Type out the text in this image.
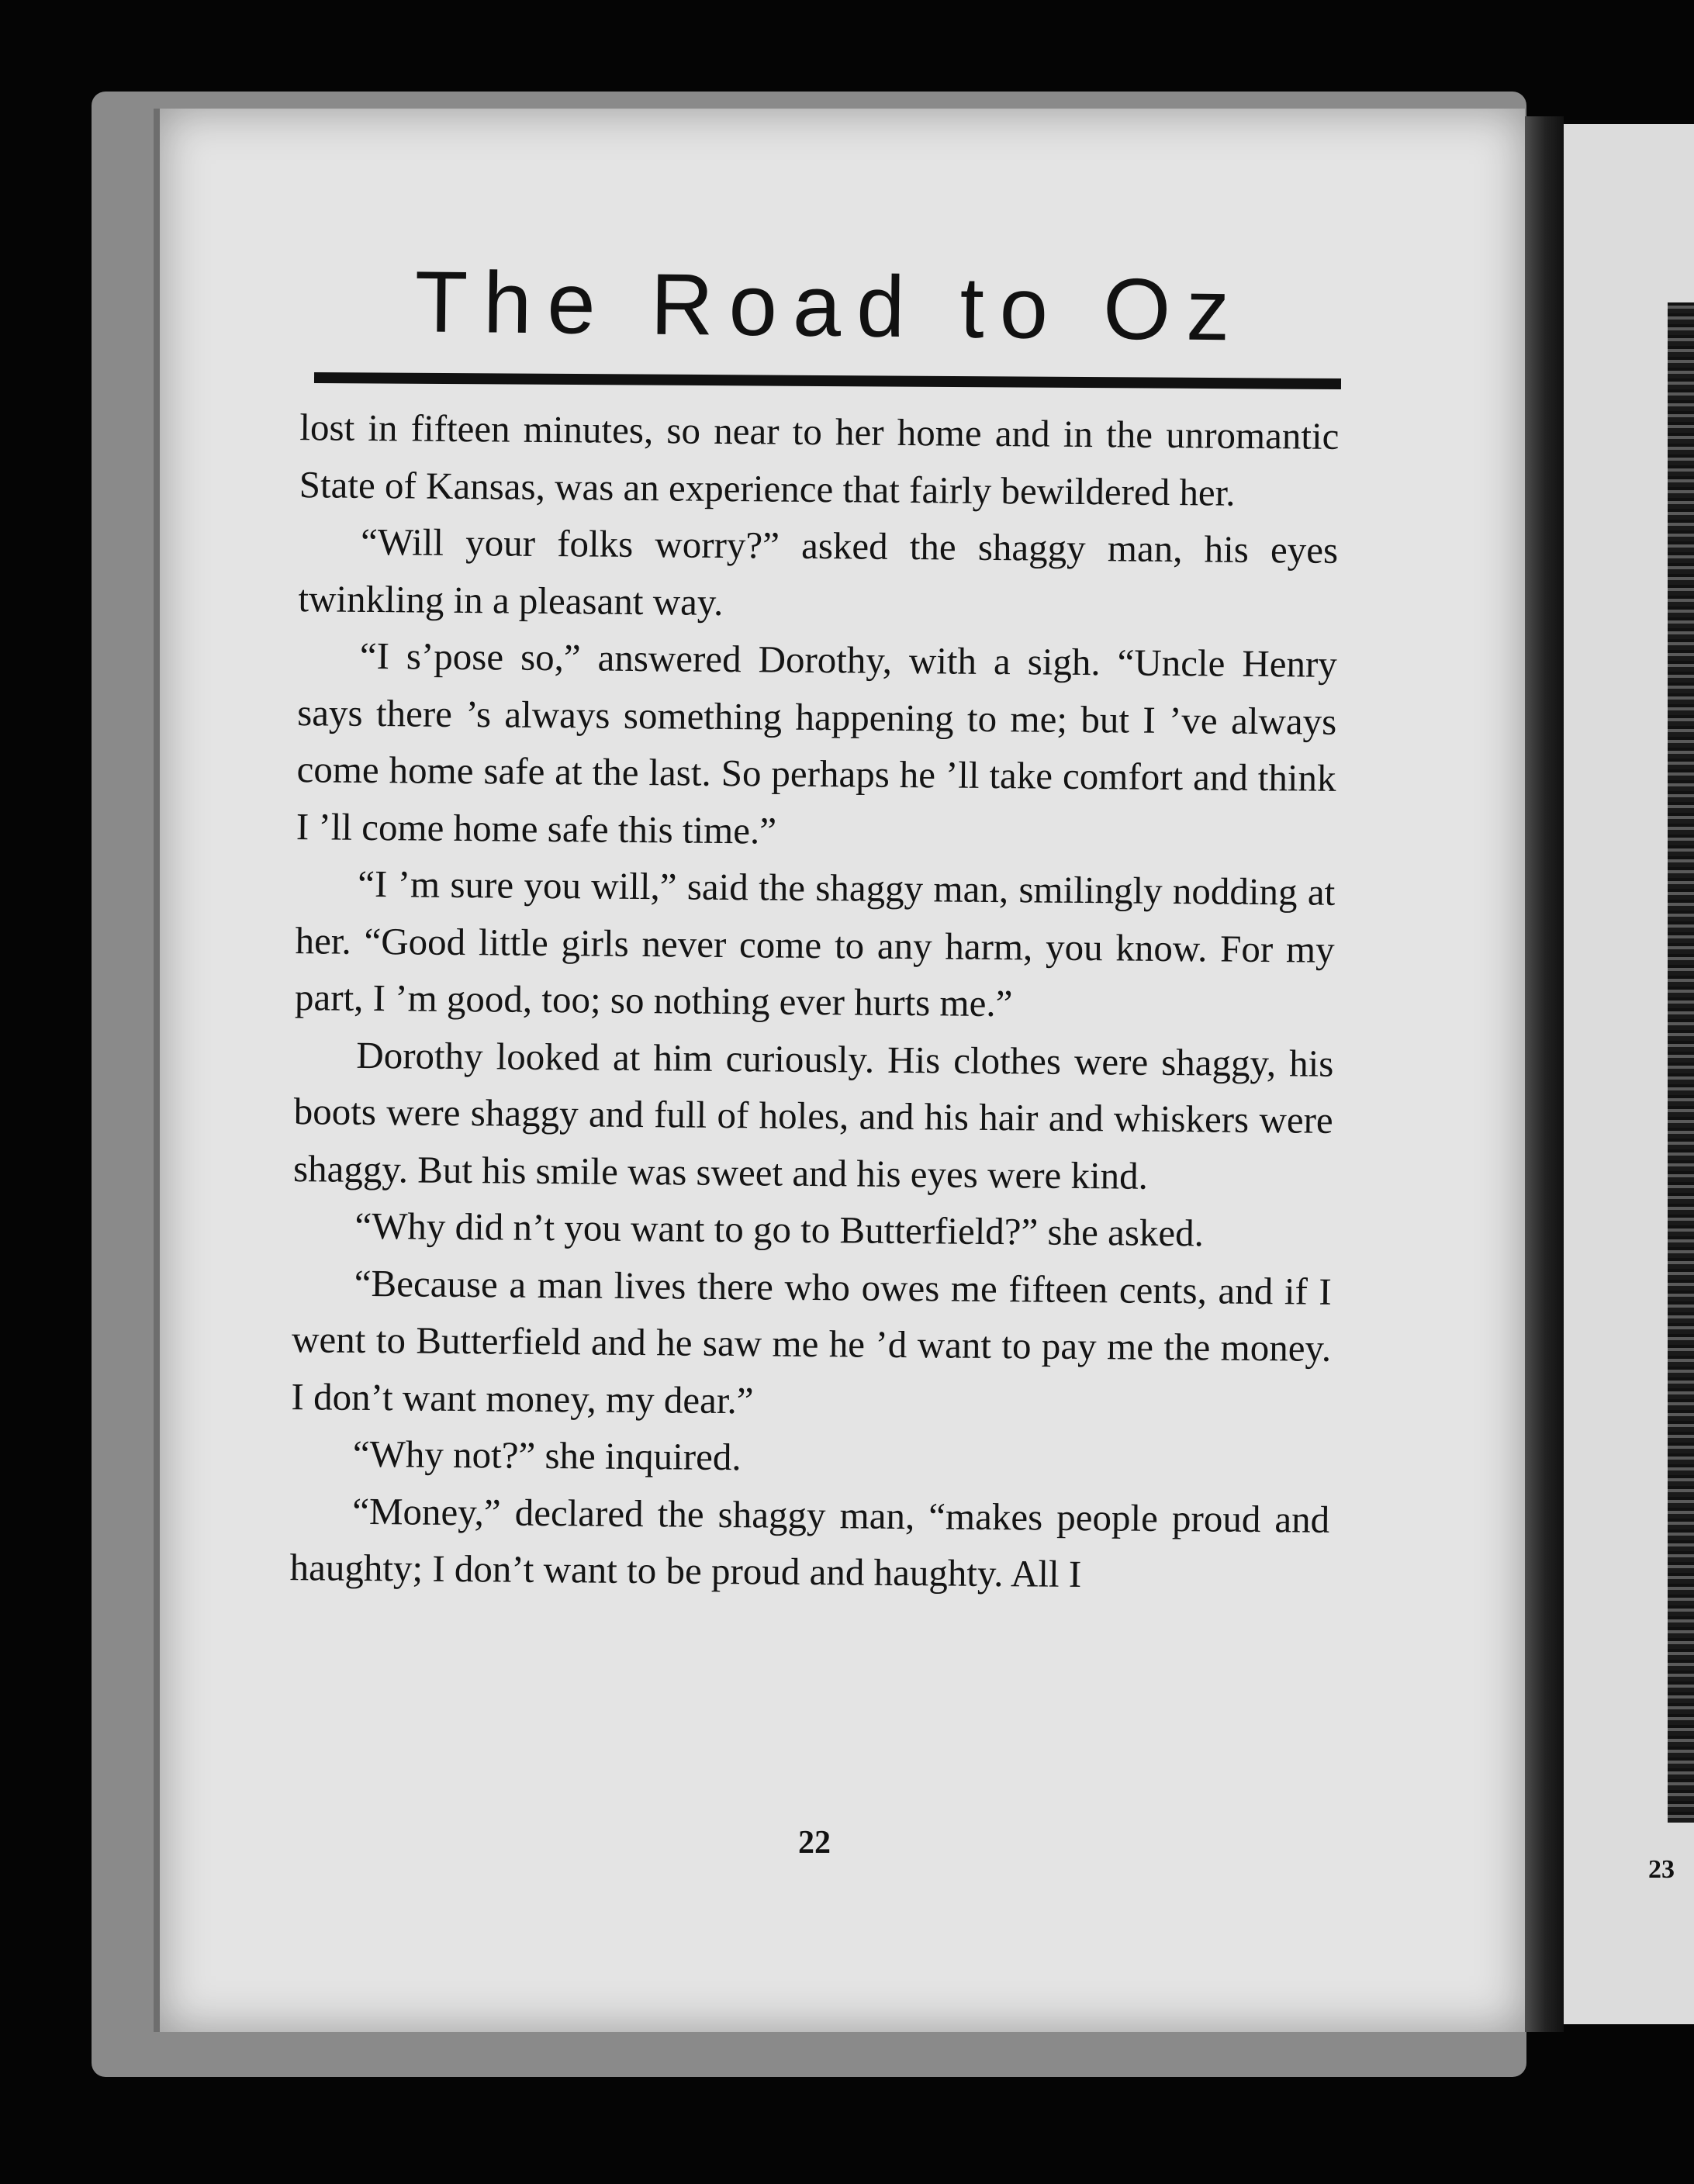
23
The Road to Oz

lost in fifteen minutes, so near to her home and in the unromantic State of Kansas, was an experience that fairly bewildered her.

“Will your folks worry?” asked the shaggy man, his eyes twinkling in a pleasant way.

“I s’pose so,” answered Dorothy, with a sigh. “Uncle Henry says there ’s always something happening to me; but I ’ve always come home safe at the last. So perhaps he ’ll take comfort and think I ’ll come home safe this time.”

“I ’m sure you will,” said the shaggy man, smilingly nodding at her. “Good little girls never come to any harm, you know. For my part, I ’m good, too; so nothing ever hurts me.”

Dorothy looked at him curiously. His clothes were shaggy, his boots were shaggy and full of holes, and his hair and whiskers were shaggy. But his smile was sweet and his eyes were kind.

“Why did n’t you want to go to Butterfield?” she asked.

“Because a man lives there who owes me fifteen cents, and if I went to Butterfield and he saw me he ’d want to pay me the money. I don’t want money, my dear.”

“Why not?” she inquired.

“Money,” declared the shaggy man, “makes people proud and haughty; I don’t want to be proud and haughty. All I

22
